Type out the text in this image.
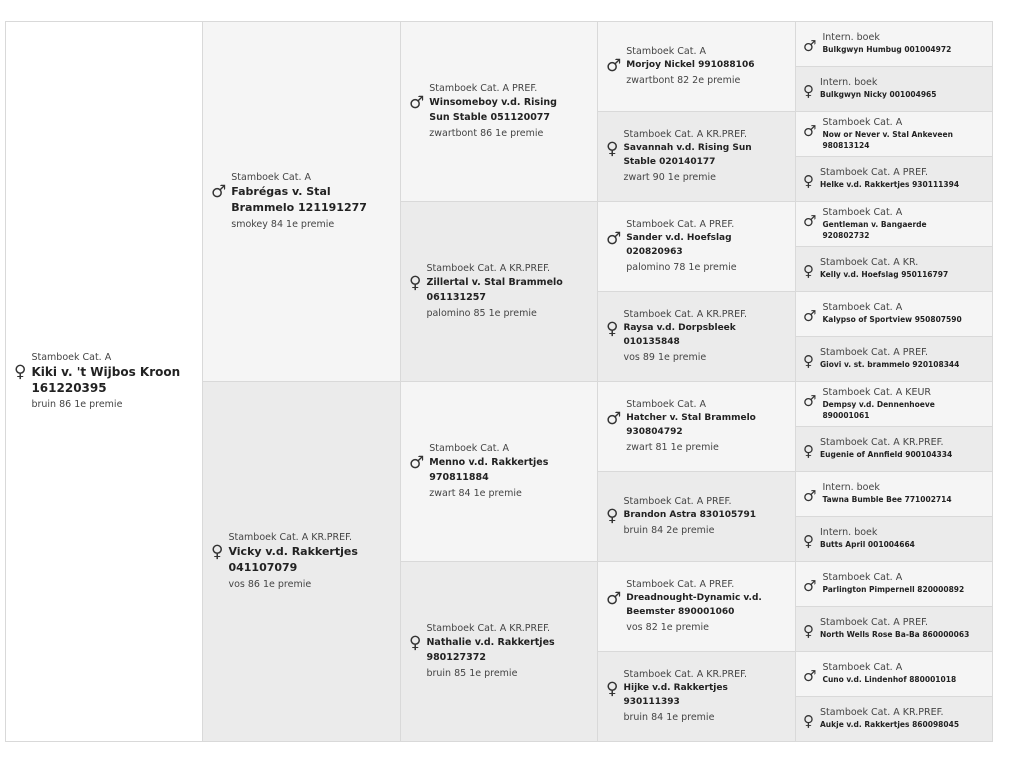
♀
Stamboek Cat. A
Kiki v. 't Wijbos Kroon 161220395
bruin 86 1e premie
♂
Stamboek Cat. A
Fabrégas v. Stal Brammelo 121191277
smokey 84 1e premie
♀
Stamboek Cat. A KR.PREF.
Vicky v.d. Rakkertjes 041107079
vos 86 1e premie
♂
Stamboek Cat. A PREF.
Winsomeboy v.d. Rising Sun Stable 051120077
zwartbont 86 1e premie
♀
Stamboek Cat. A KR.PREF.
Zillertal v. Stal Brammelo 061131257
palomino 85 1e premie
♂
Stamboek Cat. A
Menno v.d. Rakkertjes 970811884
zwart 84 1e premie
♀
Stamboek Cat. A KR.PREF.
Nathalie v.d. Rakkertjes 980127372
bruin 85 1e premie
♂
Stamboek Cat. A
Morjoy Nickel 991088106
zwartbont 82 2e premie
♀
Stamboek Cat. A KR.PREF.
Savannah v.d. Rising Sun Stable 020140177
zwart 90 1e premie
♂
Stamboek Cat. A PREF.
Sander v.d. Hoefslag 020820963
palomino 78 1e premie
♀
Stamboek Cat. A KR.PREF.
Raysa v.d. Dorpsbleek 010135848
vos 89 1e premie
♂
Stamboek Cat. A
Hatcher v. Stal Brammelo 930804792
zwart 81 1e premie
♀
Stamboek Cat. A PREF.
Brandon Astra 830105791
bruin 84 2e premie
♂
Stamboek Cat. A PREF.
Dreadnought-Dynamic v.d. Beemster 890001060
vos 82 1e premie
♀
Stamboek Cat. A KR.PREF.
Hijke v.d. Rakkertjes 930111393
bruin 84 1e premie
♂ Intern. boek
Bulkgwyn Humbug 001004972
♀ Intern. boek
Bulkgwyn Nicky 001004965
♂ Stamboek Cat. A
Now or Never v. Stal Ankeveen 980813124
♀ Stamboek Cat. A PREF.
Helke v.d. Rakkertjes 930111394
♂ Stamboek Cat. A
Gentleman v. Bangaerde 920802732
♀ Stamboek Cat. A KR.
Kelly v.d. Hoefslag 950116797
♂ Stamboek Cat. A
Kalypso of Sportview 950807590
♀ Stamboek Cat. A PREF.
Giovi v. st. brammelo 920108344
♂ Stamboek Cat. A KEUR
Dempsy v.d. Dennenhoeve 890001061
♀ Stamboek Cat. A KR.PREF.
Eugenie of Annfield 900104334
♂ Intern. boek
Tawna Bumble Bee 771002714
♀ Intern. boek
Butts April 001004664
♂ Stamboek Cat. A
Parlington Pimpernell 820000892
♀ Stamboek Cat. A PREF.
North Wells Rose Ba-Ba 860000063
♂ Stamboek Cat. A
Cuno v.d. Lindenhof 880001018
♀ Stamboek Cat. A KR.PREF.
Aukje v.d. Rakkertjes 860098045
